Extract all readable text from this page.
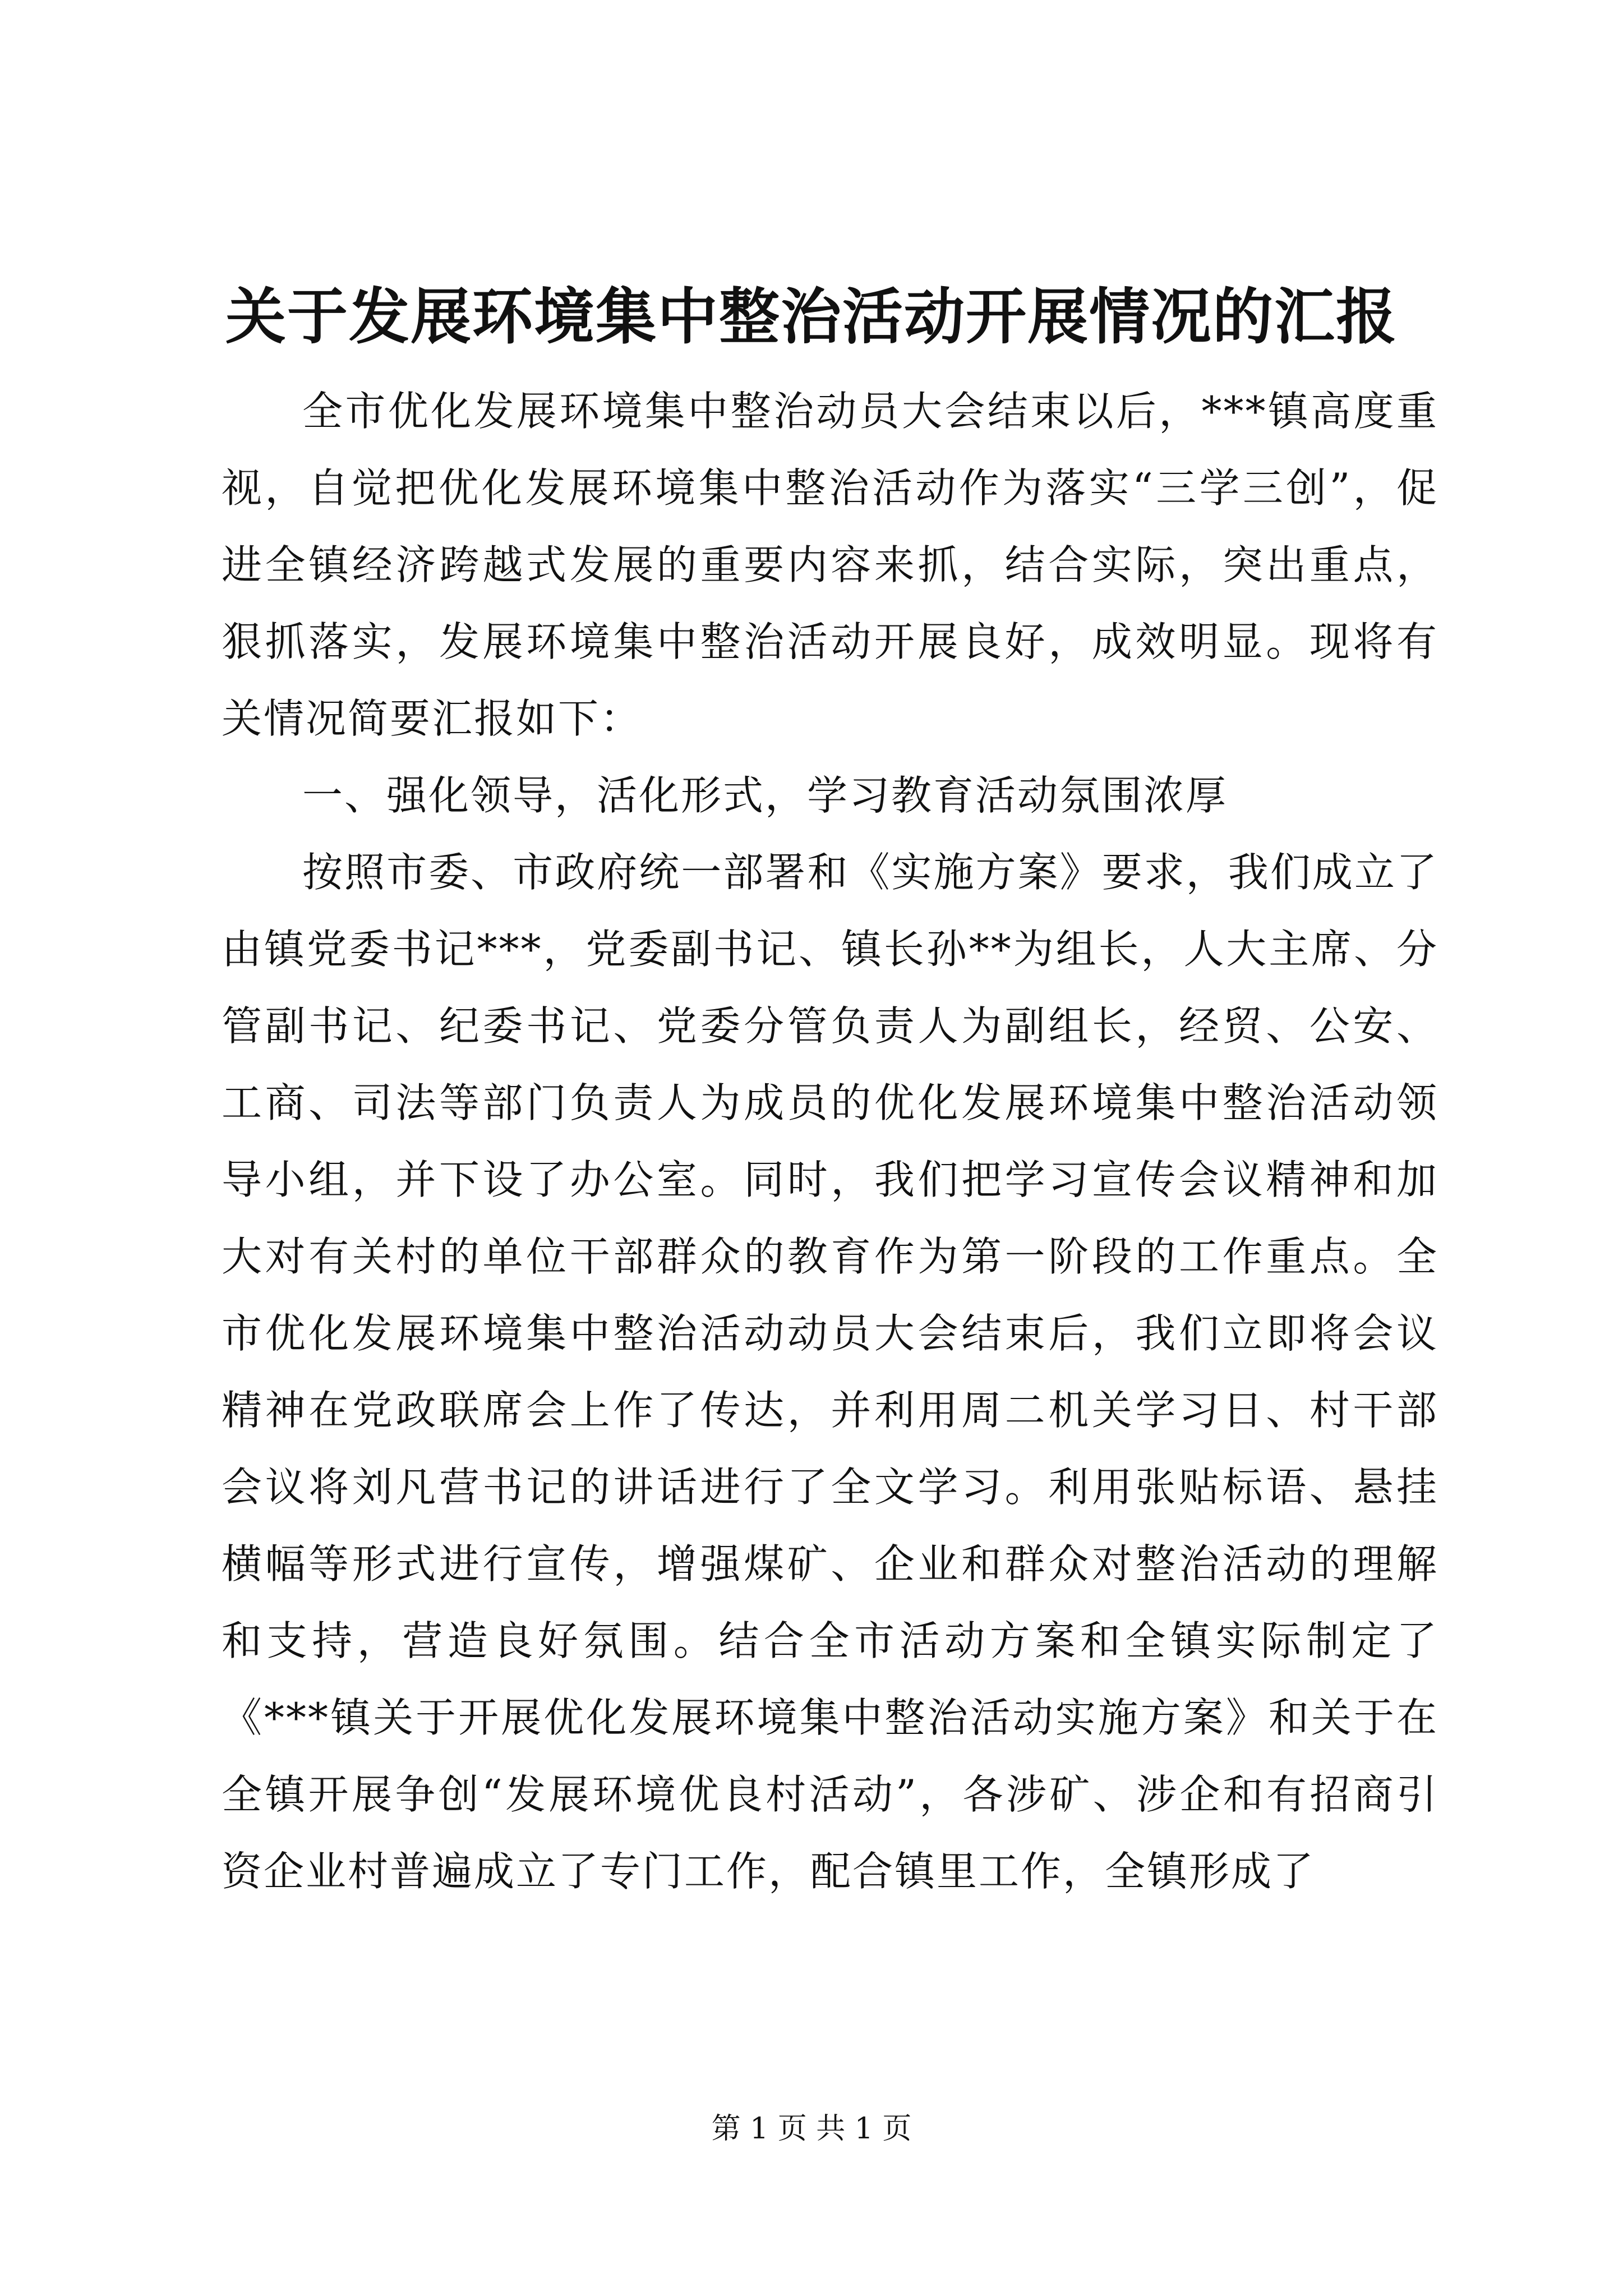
关于发展环境集中整治活动开展情况的汇报

全市优化发展环境集中整治动员大会结束以后，***镇高度重视，自觉把优化发展环境集中整治活动作为落实“三学三创”，促进全镇经济跨越式发展的重要内容来抓，结合实际，突出重点，狠抓落实，发展环境集中整治活动开展良好，成效明显。现将有关情况简要汇报如下：

一、强化领导，活化形式，学习教育活动氛围浓厚

按照市委、市政府统一部署和《实施方案》要求，我们成立了由镇党委书记***，党委副书记、镇长孙**为组长，人大主席、分管副书记、纪委书记、党委分管负责人为副组长，经贸、公安、工商、司法等部门负责人为成员的优化发展环境集中整治活动领导小组，并下设了办公室。同时，我们把学习宣传会议精神和加大对有关村的单位干部群众的教育作为第一阶段的工作重点。全市优化发展环境集中整治活动动员大会结束后，我们立即将会议精神在党政联席会上作了传达，并利用周二机关学习日、村干部会议将刘凡营书记的讲话进行了全文学习。利用张贴标语、悬挂横幅等形式进行宣传，增强煤矿、企业和群众对整治活动的理解和支持，营造良好氛围。结合全市活动方案和全镇实际制定了《***镇关于开展优化发展环境集中整治活动实施方案》和关于在全镇开展争创“发展环境优良村活动”，各涉矿、涉企和有招商引资企业村普遍成立了专门工作，配合镇里工作，全镇形成了

第 1 页 共 1 页
